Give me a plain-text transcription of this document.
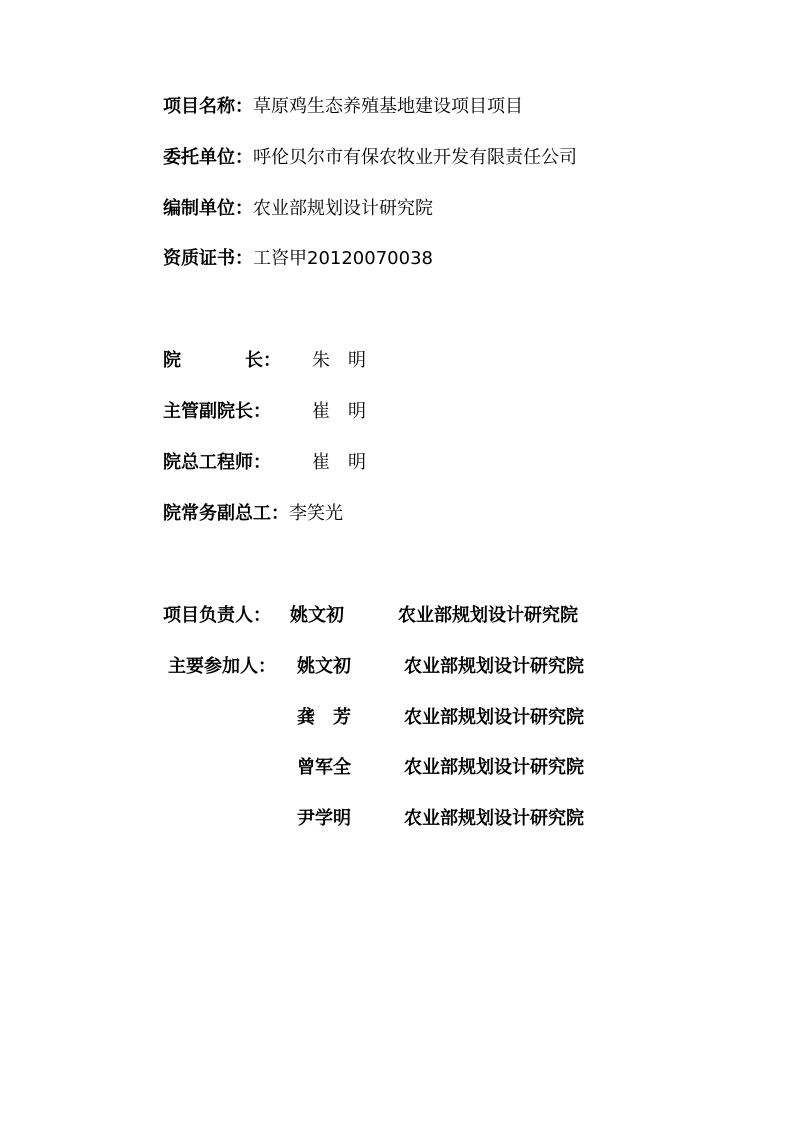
项目名称：草原鸡生态养殖基地建设项目项目
委托单位：呼伦贝尔市有保农牧业开发有限责任公司
编制单位：农业部规划设计研究院
资质证书：工咨甲20120070038
院	长： 朱　明
主管副院长： 崔　明
院总工程师： 崔　明
院常务副总工：李笑光
项目负责人： 姚文初	农业部规划设计研究院
主要参加人： 姚文初	农业部规划设计研究院
龚　芳	农业部规划设计研究院
曾军全	农业部规划设计研究院
尹学明	农业部规划设计研究院
